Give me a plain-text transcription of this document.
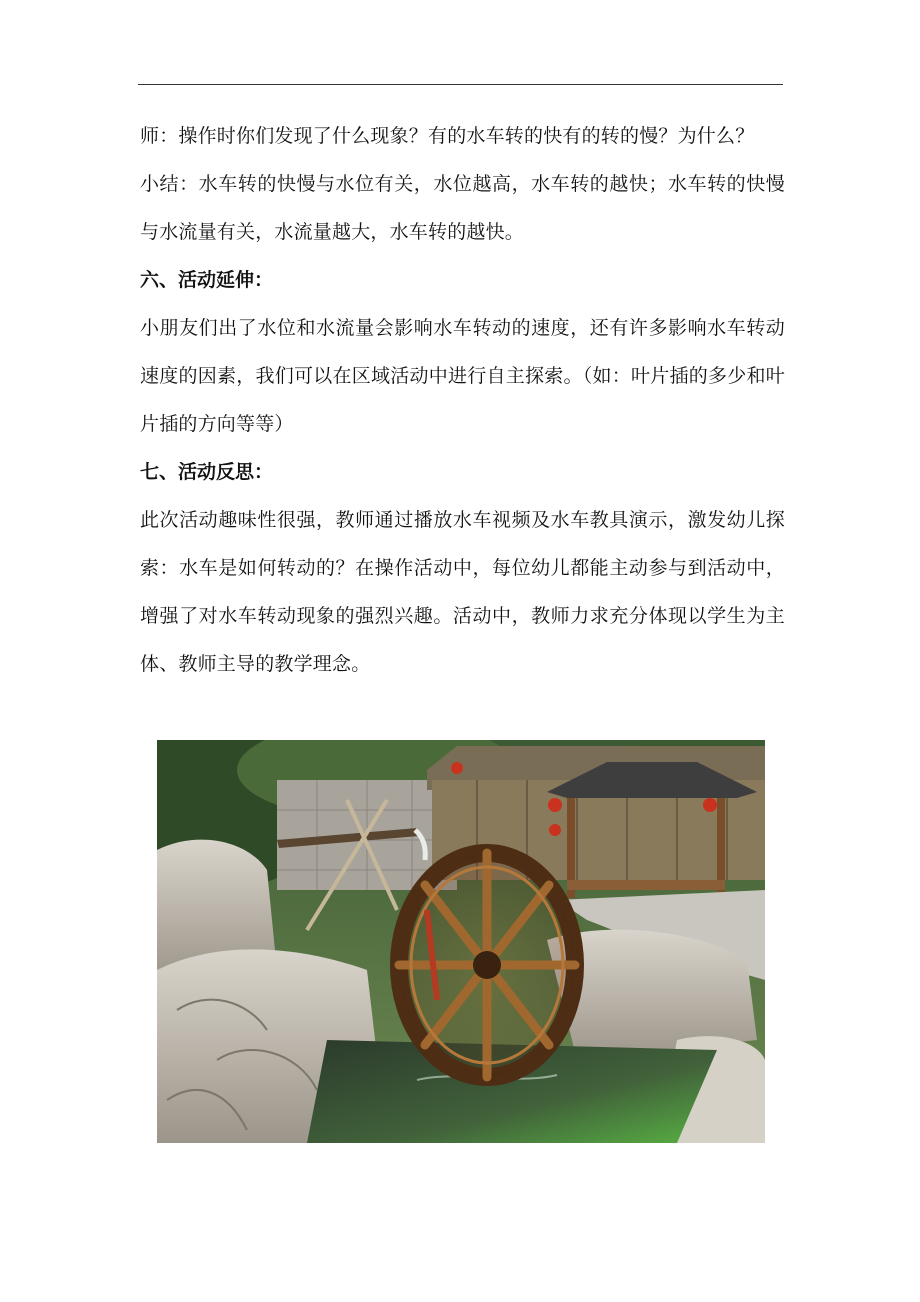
师：操作时你们发现了什么现象？有的水车转的快有的转的慢？为什么？

小结：水车转的快慢与水位有关，水位越高，水车转的越快；水车转的快慢与水流量有关，水流量越大，水车转的越快。

六、活动延伸：

小朋友们出了水位和水流量会影响水车转动的速度，还有许多影响水车转动速度的因素，我们可以在区域活动中进行自主探索。（如：叶片插的多少和叶片插的方向等等）

七、活动反思：

此次活动趣味性很强，教师通过播放水车视频及水车教具演示，激发幼儿探索：水车是如何转动的？在操作活动中，每位幼儿都能主动参与到活动中，增强了对水车转动现象的强烈兴趣。活动中，教师力求充分体现以学生为主体、教师主导的教学理念。
